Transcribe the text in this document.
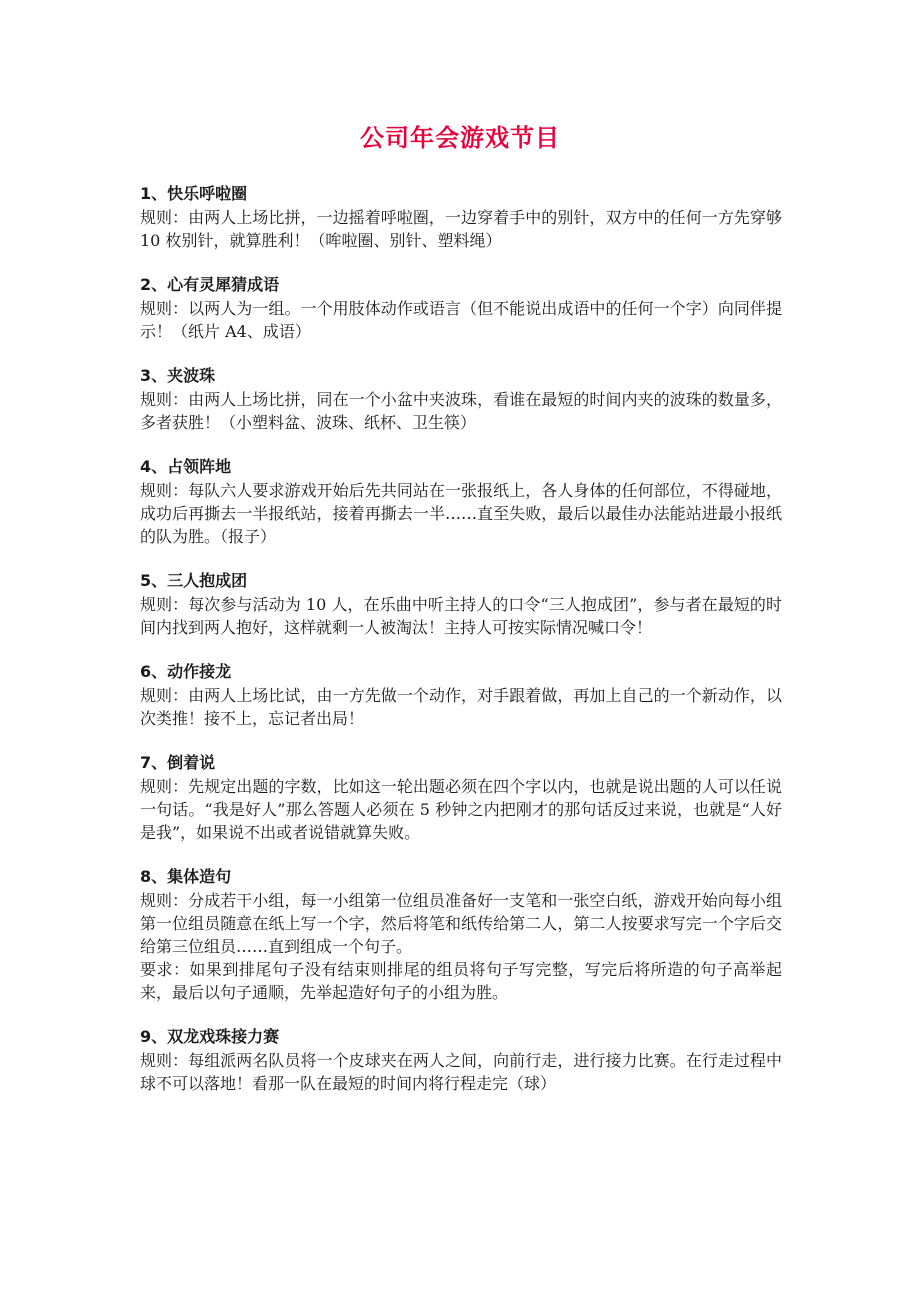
公司年会游戏节目
1、快乐呼啦圈
规则：由两人上场比拼，一边摇着呼啦圈，一边穿着手中的别针，双方中的任何一方先穿够 10 枚别针，就算胜利！（哞啦圈、别针、塑料绳）
2、心有灵犀猜成语
规则：以两人为一组。一个用肢体动作或语言（但不能说出成语中的任何一个字）向同伴提示！（纸片 A4、成语）
3、夹波珠
规则：由两人上场比拼，同在一个小盆中夹波珠，看谁在最短的时间内夹的波珠的数量多，多者获胜！（小塑料盆、波珠、纸杯、卫生筷）
4、占领阵地
规则：每队六人要求游戏开始后先共同站在一张报纸上，各人身体的任何部位，不得碰地，成功后再撕去一半报纸站，接着再撕去一半……直至失败，最后以最佳办法能站进最小报纸的队为胜。（报子）
5、三人抱成团
规则：每次参与活动为 10 人，在乐曲中听主持人的口令“三人抱成团”，参与者在最短的时间内找到两人抱好，这样就剩一人被淘汰！主持人可按实际情况喊口令！
6、动作接龙
规则：由两人上场比试，由一方先做一个动作，对手跟着做，再加上自己的一个新动作，以次类推！接不上，忘记者出局！
7、倒着说
规则：先规定出题的字数，比如这一轮出题必须在四个字以内，也就是说出题的人可以任说一句话。“我是好人”那么答题人必须在 5 秒钟之内把刚才的那句话反过来说，也就是“人好是我”，如果说不出或者说错就算失败。
8、集体造句
规则：分成若干小组，每一小组第一位组员准备好一支笔和一张空白纸，游戏开始向每小组第一位组员随意在纸上写一个字，然后将笔和纸传给第二人，第二人按要求写完一个字后交给第三位组员……直到组成一个句子。
要求：如果到排尾句子没有结束则排尾的组员将句子写完整，写完后将所造的句子高举起来，最后以句子通顺，先举起造好句子的小组为胜。
9、双龙戏珠接力赛
规则：每组派两名队员将一个皮球夹在两人之间，向前行走，进行接力比赛。在行走过程中球不可以落地！看那一队在最短的时间内将行程走完（球）
